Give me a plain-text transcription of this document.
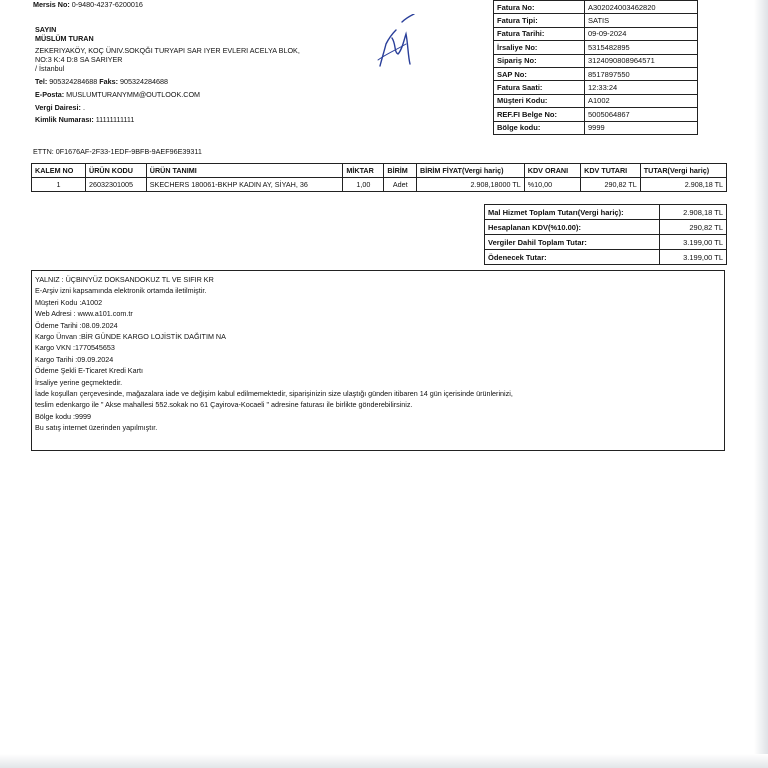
Mersis No: 0-9480-4237-6200016
SAYIN
MÜSLÜM TURAN
ZEKERIYAKÖY, KOÇ ÜNIV.SOKQĞI TURYAPI SAR IYER EVLERI ACELYA BLOK,
NO:3 K:4 D:8 SA SARIYER
/ İstanbul
Tel: 905324284688 Faks: 905324284688
E-Posta: MUSLUMTURANYMM@OUTLOOK.COM
Vergi Dairesi: .
Kimlik Numarası: 11111111111
Fatura No:	A302024003462820
Fatura Tipi:	SATIS
Fatura Tarihi:	09-09-2024
İrsaliye No:	5315482895
Sipariş No:	3124090808964571
SAP No:	8517897550
Fatura Saati:	12:33:24
Müşteri Kodu:	A1002
REF.FI Belge No:	5005064867
Bölge kodu:	9999
ETTN: 0F1676AF-2F33-1EDF-9BFB-9AEF96E39311
KALEM NO	ÜRÜN KODU	ÜRÜN TANIMI	MİKTAR	BİRİM	BİRİM FİYAT(Vergi hariç)	KDV ORANI	KDV TUTARI	TUTAR(Vergi hariç)
1	26032301005	SKECHERS 180061-BKHP KADIN AY, SİYAH, 36	1,00	Adet	2.908,18000 TL	%10,00	290,82 TL	2.908,18 TL
Mal Hizmet Toplam Tutarı(Vergi hariç):	2.908,18 TL
Hesaplanan KDV(%10.00):	290,82 TL
Vergiler Dahil Toplam Tutar:	3.199,00 TL
Ödenecek Tutar:	3.199,00 TL
YALNIZ : ÜÇBINYÜZ DOKSANDOKUZ TL VE SIFIR KR
E-Arşiv izni kapsamında elektronik ortamda iletilmiştir.
Müşteri Kodu :A1002
Web Adresi : www.a101.com.tr
Ödeme Tarihi :08.09.2024
Kargo Ünvan :BİR GÜNDE KARGO LOJİSTİK DAĞITIM NA
Kargo VKN :1770545653
Kargo Tarihi :09.09.2024
Ödeme Şekli E-Ticaret Kredi Kartı
İrsaliye yerine geçmektedir.
İade koşulları çerçevesinde, mağazalara iade ve değişim kabul edilmemektedir, siparişinizin size ulaştığı günden itibaren 14 gün içerisinde ürünlerinizi,
teslim edenkargo ile " Akse mahallesi 552.sokak no 61 Çayirova-Kocaeli " adresine faturası ile birlikte gönderebilirsiniz.
Bölge kodu :9999
Bu satış internet üzerinden yapılmıştır.
